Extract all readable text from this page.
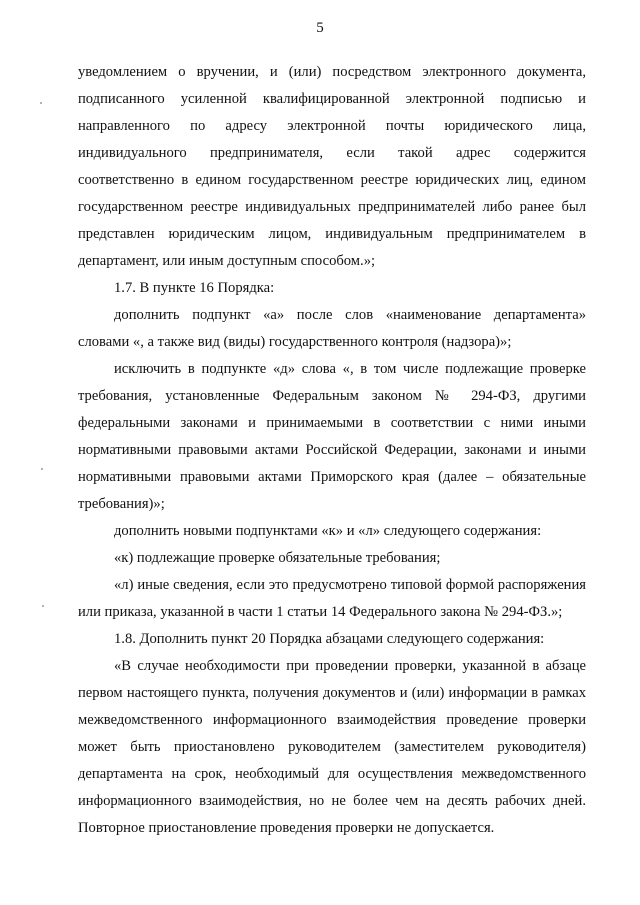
5

уведомлением о вручении, и (или) посредством электронного документа, подписанного усиленной квалифицированной электронной подписью и направленного по адресу электронной почты юридического лица, индивидуального предпринимателя, если такой адрес содержится соответственно в едином государственном реестре юридических лиц, едином государственном реестре индивидуальных предпринимателей либо ранее был представлен юридическим лицом, индивидуальным предпринимателем в департамент, или иным доступным способом.»;

1.7. В пункте 16 Порядка:

дополнить подпункт «а» после слов «наименование департамента» словами «, а также вид (виды) государственного контроля (надзора)»;

исключить в подпункте «д» слова «, в том числе подлежащие проверке требования, установленные Федеральным законом № 294-ФЗ, другими федеральными законами и принимаемыми в соответствии с ними иными нормативными правовыми актами Российской Федерации, законами и иными нормативными правовыми актами Приморского края (далее – обязательные требования)»;

дополнить новыми подпунктами «к» и «л» следующего содержания:

«к) подлежащие проверке обязательные требования;

«л) иные сведения, если это предусмотрено типовой формой распоряжения или приказа, указанной в части 1 статьи 14 Федерального закона № 294-ФЗ.»;

1.8. Дополнить пункт 20 Порядка абзацами следующего содержания:

«В случае необходимости при проведении проверки, указанной в абзаце первом настоящего пункта, получения документов и (или) информации в рамках межведомственного информационного взаимодействия проведение проверки может быть приостановлено руководителем (заместителем руководителя) департамента на срок, необходимый для осуществления межведомственного информационного взаимодействия, но не более чем на десять рабочих дней. Повторное приостановление проведения проверки не допускается.
